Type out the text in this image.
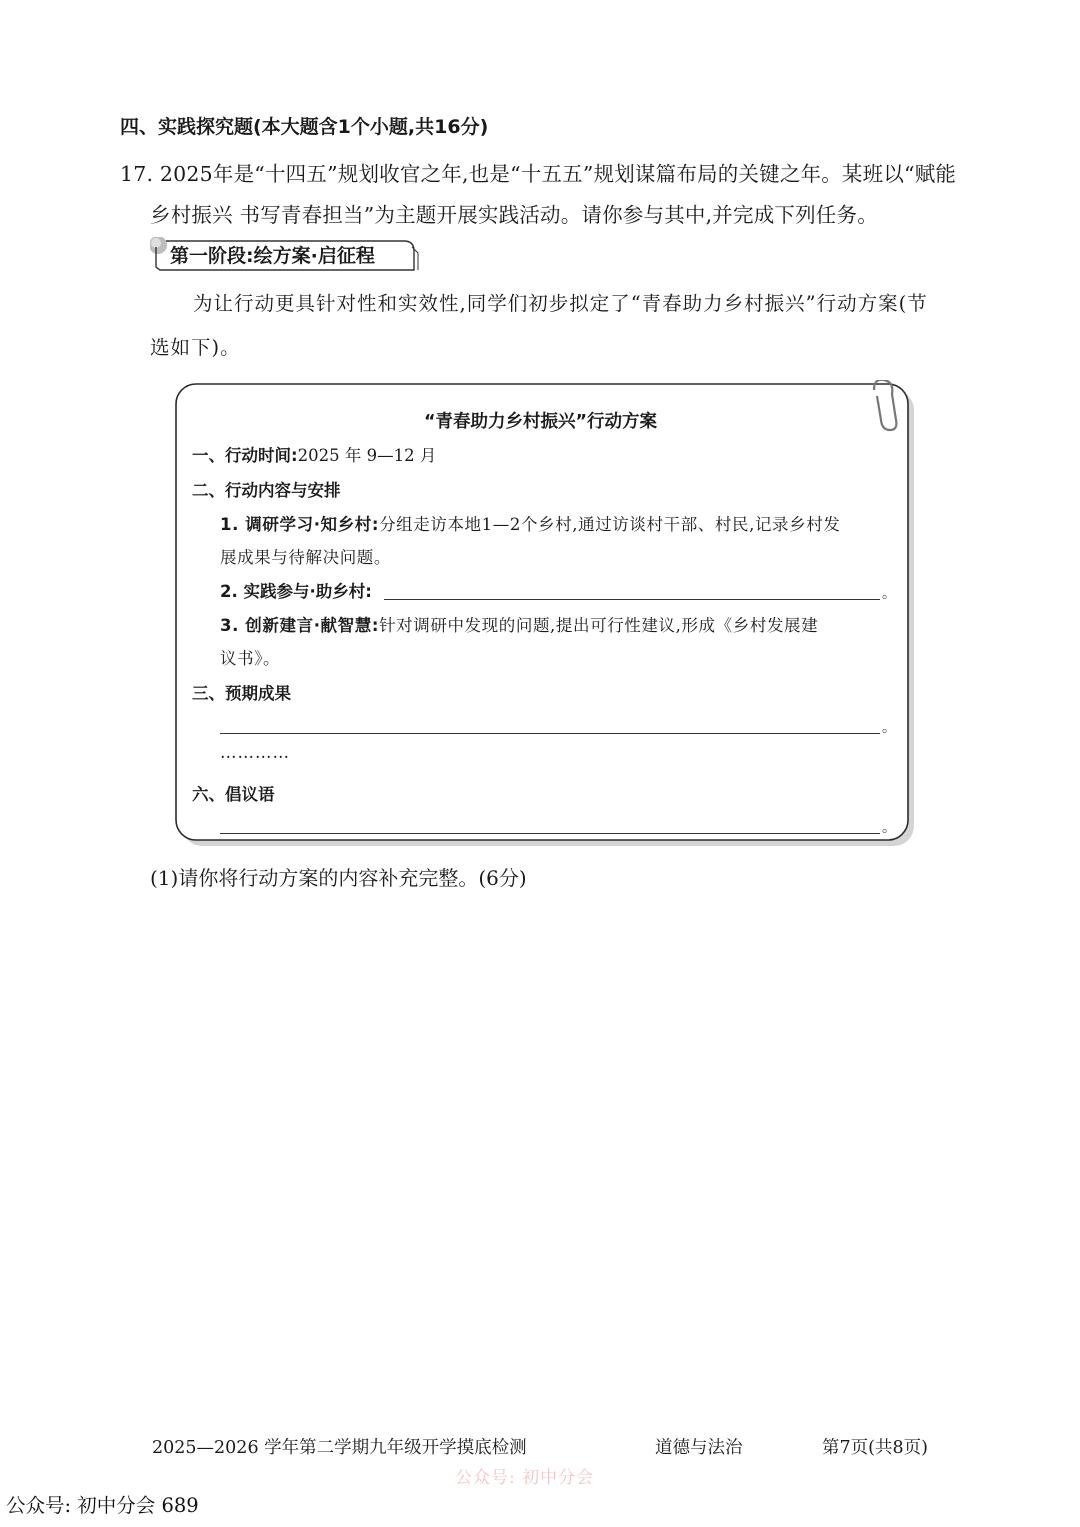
四、实践探究题(本大题含1个小题,共16分)
17. 2025年是“十四五”规划收官之年,也是“十五五”规划谋篇布局的关键之年。某班以“赋能
乡村振兴 书写青春担当”为主题开展实践活动。请你参与其中,并完成下列任务。
第一阶段:绘方案·启征程
为让行动更具针对性和实效性,同学们初步拟定了“青春助力乡村振兴”行动方案(节
选如下)。
“青春助力乡村振兴”行动方案
一、行动时间:2025 年 9—12 月
二、行动内容与安排
1. 调研学习·知乡村:分组走访本地1—2个乡村,通过访谈村干部、村民,记录乡村发
展成果与待解决问题。
2. 实践参与·助乡村:	。
3. 创新建言·献智慧:针对调研中发现的问题,提出可行性建议,形成《乡村发展建
议书》。
三、预期成果
。
…………
六、倡议语
。
(1)请你将行动方案的内容补充完整。(6分)
2025—2026 学年第二学期九年级开学摸底检测	道德与法治	第7页(共8页)
公众号: 初中分会
公众号: 初中分会 689
